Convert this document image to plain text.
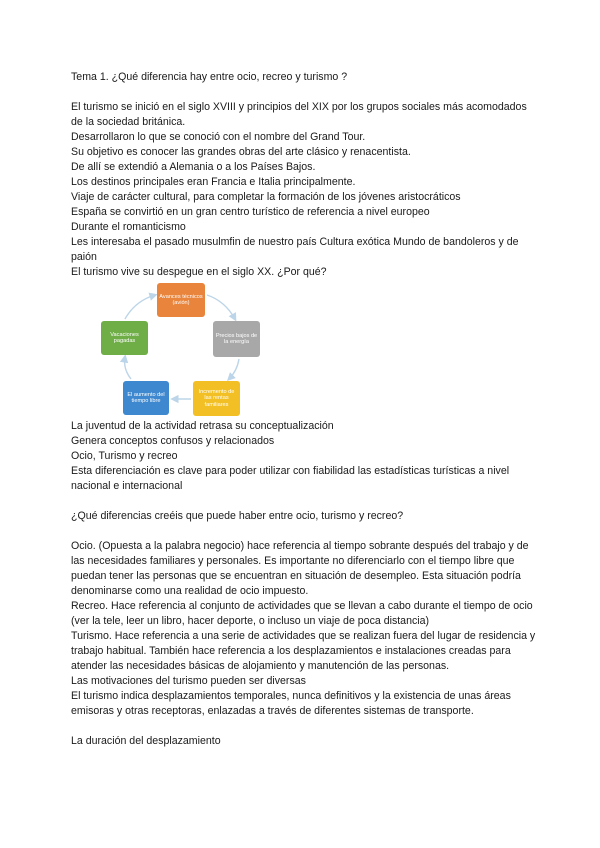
Tema 1. ¿Qué diferencia hay entre ocio, recreo y turismo ?

El turismo se inició en el siglo XVIII y principios del XIX por los grupos sociales más acomodados de la sociedad británica.

Desarrollaron lo que se conoció con el nombre del Grand Tour.

Su objetivo es conocer las grandes obras del arte clásico y renacentista.

De allí se extendió a Alemania o a los Países Bajos.

Los destinos principales eran Francia e Italia principalmente.

Viaje de carácter cultural, para completar la formación de los jóvenes aristocráticos

España se convirtió en un gran centro turístico de referencia a nivel europeo

Durante el romanticismo

Les interesaba el pasado musulmfin de nuestro país Cultura exótica Mundo de bandoleros y de paión

El turismo vive su despegue en el siglo XX. ¿Por qué?

Avances técnicos (avión)
Precios bajos de la energía
Incremento de las rentas familiares
El aumento del tiempo libre
Vacaciones pagadas

La juventud de la actividad retrasa su conceptualización

Genera conceptos confusos y relacionados

Ocio, Turismo y recreo

Esta diferenciación es clave para poder utilizar con fiabilidad las estadísticas turísticas a nivel nacional e internacional

¿Qué diferencias creéis que puede haber entre ocio, turismo y recreo?

Ocio. (Opuesta a la palabra negocio) hace referencia al tiempo sobrante después del trabajo y de las necesidades familiares y personales. Es importante no diferenciarlo con el tiempo libre que puedan tener las personas que se encuentran en situación de desempleo. Esta situación podría denominarse como una realidad de ocio impuesto.

Recreo. Hace referencia al conjunto de actividades que se llevan a cabo durante el tiempo de ocio (ver la tele, leer un libro, hacer deporte, o incluso un viaje de poca distancia)

Turismo. Hace referencia a una serie de actividades que se realizan fuera del lugar de residencia y trabajo habitual. También hace referencia a los desplazamientos e instalaciones creadas para atender las necesidades básicas de alojamiento y manutención de las personas.

Las motivaciones del turismo pueden ser diversas

El turismo indica desplazamientos temporales, nunca definitivos y la existencia de unas áreas emisoras y otras receptoras, enlazadas a través de diferentes sistemas de transporte.

La duración del desplazamiento
